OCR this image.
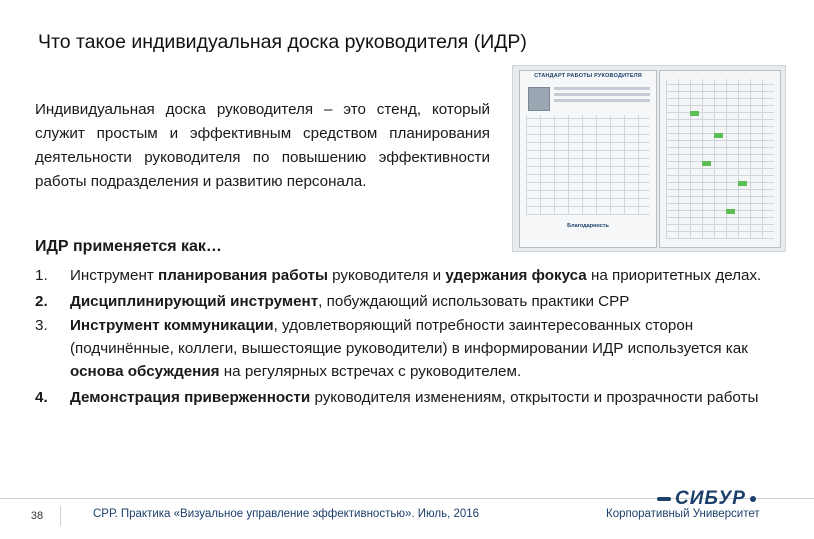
Что такое индивидуальная доска руководителя (ИДР)
Индивидуальная доска руководителя – это стенд, который служит простым и эффективным средством планирования деятельности руководителя по повышению эффективности работы подразделения и развитию персонала.
СТАНДАРТ РАБОТЫ РУКОВОДИТЕЛЯ
Благодарность
ИДР применяется как…
1. Инструмент планирования работы руководителя и удержания фокуса на приоритетных делах.
2. Дисциплинирующий инструмент, побуждающий использовать практики СРР
3. Инструмент коммуникации, удовлетворяющий потребности заинтересованных сторон (подчинённые, коллеги, вышестоящие руководители) в информировании ИДР используется как основа обсуждения на регулярных встречах с руководителем.
4. Демонстрация приверженности руководителя изменениям, открытости и прозрачности работы
38	СРР. Практика «Визуальное управление эффективностью». Июль, 2016
СИБУР
Корпоративный Университет
